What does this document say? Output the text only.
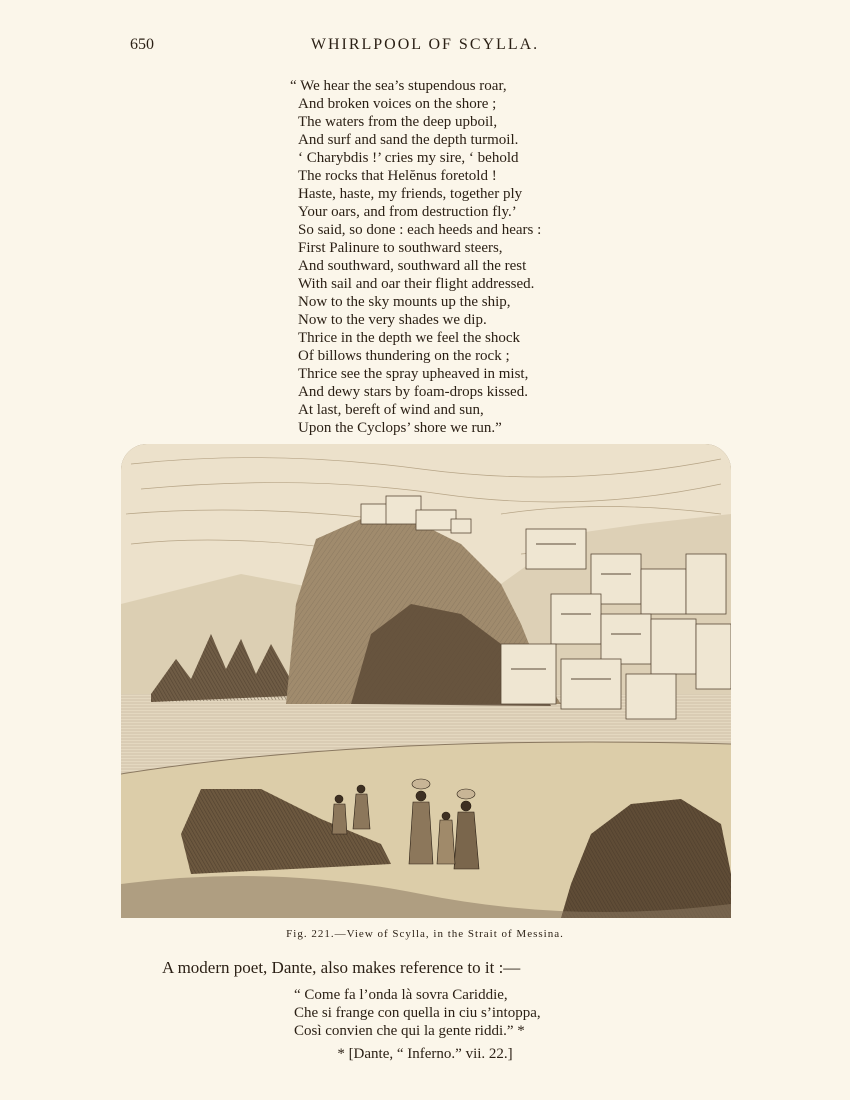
650	WHIRLPOOL OF SCYLLA.
“ We hear the sea’s stupendous roar,
And broken voices on the shore ;
The waters from the deep upboil,
And surf and sand the depth turmoil.
‘ Charybdis !’ cries my sire, ‘ behold
The rocks that Helĕnus foretold !
Haste, haste, my friends, together ply
Your oars, and from destruction fly.’
So said, so done : each heeds and hears :
First Palinure to southward steers,
And southward, southward all the rest
With sail and oar their flight addressed.
Now to the sky mounts up the ship,
Now to the very shades we dip.
Thrice in the depth we feel the shock
Of billows thundering on the rock ;
Thrice see the spray upheaved in mist,
And dewy stars by foam-drops kissed.
At last, bereft of wind and sun,
Upon the Cyclops’ shore we run.”
Fig. 221.—View of Scylla, in the Strait of Messina.
A modern poet, Dante, also makes reference to it :—
“ Come fa l’onda là sovra Cariddie,
Che si frange con quella in ciu s’intoppa,
Così convien che qui la gente riddi.” *
* [Dante, “ Inferno.” vii. 22.]
